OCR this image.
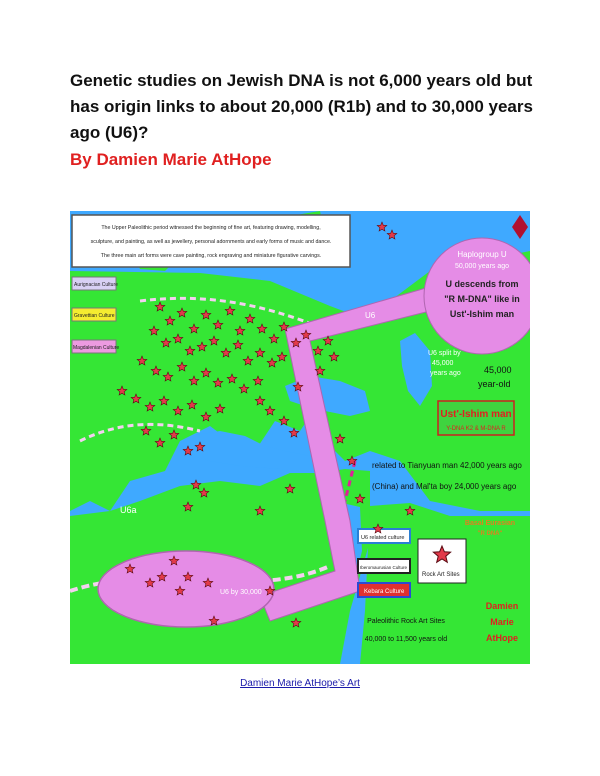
Genetic studies on Jewish DNA is not 6,000 years old but has origin links to about 20,000 (R1b) and to 30,000 years ago (U6)?
By Damien Marie AtHope
U6
Haplogroup U
50,000 years ago
U descends from
"R M-DNA" like in
Ust'-Ishim man
The Upper Paleolithic period witnessed the beginning of fine art, featuring drawing, modelling,
sculpture, and painting, as well as jewellery, personal adornments and early forms of music and dance.
The three main art forms were cave painting, rock engraving and miniature figurative carvings.
Aurignacian Culture
Gravettian Culture
Magdalenian Culture
U6 split by
45,000
years ago	45,000
year-old
Ust'-Ishim man
Y-DNA K2 & M-DNA R
related to Tianyuan man 42,000 years ago
(China) and Mal'ta boy 24,000 years ago
Basal Eurasian
"R DNA"
U6a
U6 related culture
Iberomaurusian Culture
Kebara Culture
Rock Art Sites
Paleolithic Rock Art Sites
40,000 to 11,500 years old
Damien
Marie
AtHope
U6 by 30,000
Damien Marie AtHope’s Art
